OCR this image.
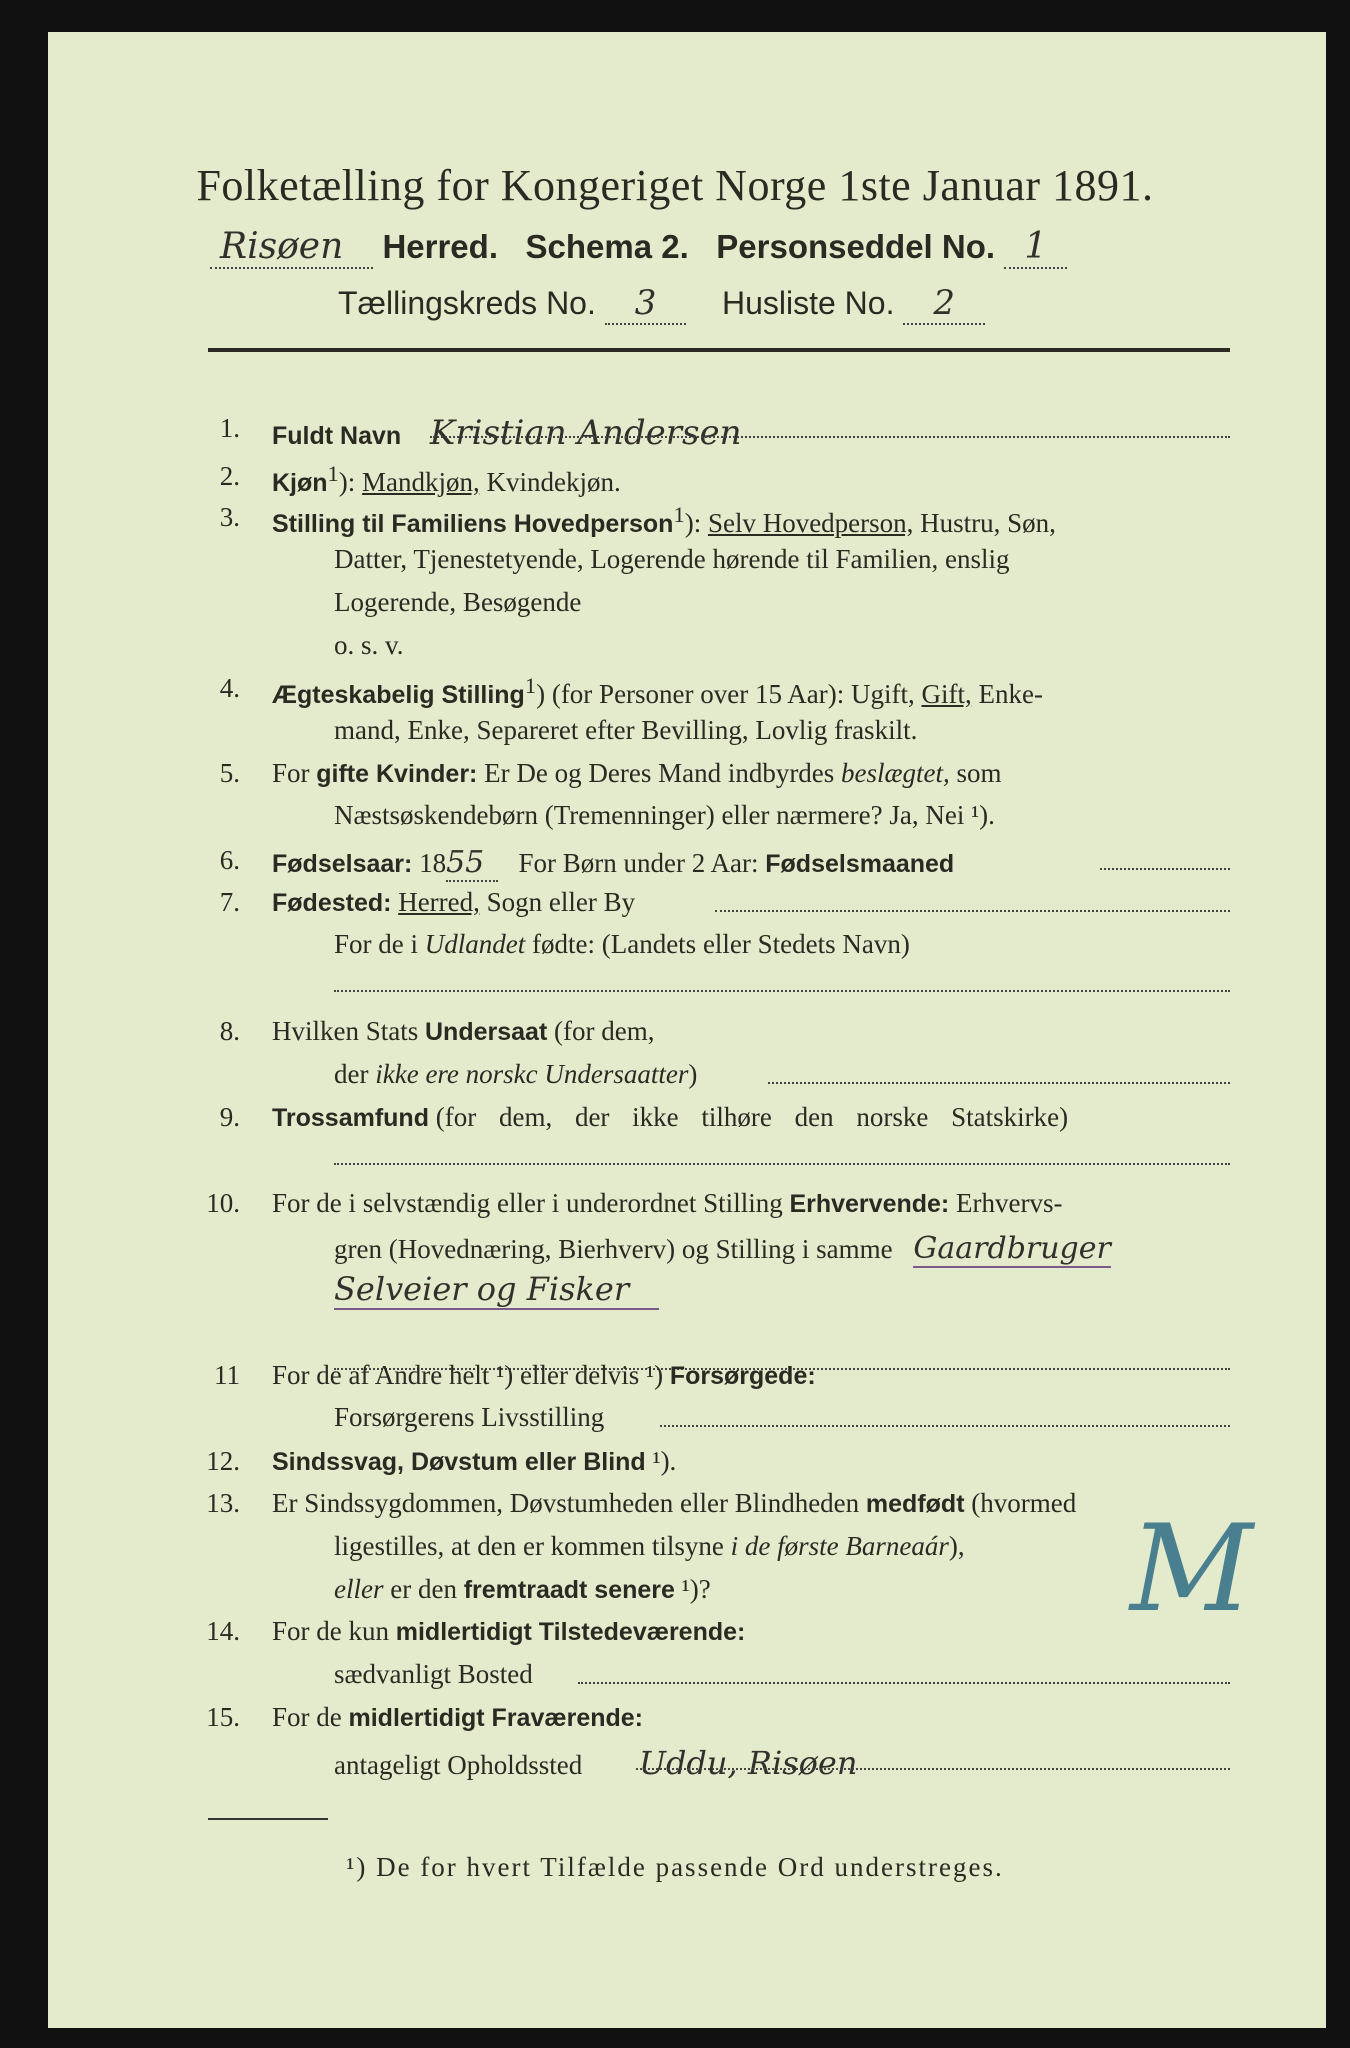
Folketælling for Kongeriget Norge 1ste Januar 1891.
Risøen Herred. Schema 2. Personseddel No. 1
Tællingskreds No. 3 Husliste No. 2
1. Fuldt Navn Kristian Andersen
2. Kjøn$^1$): Mandkjøn, Kvindekjøn.
3. Stilling til Familiens Hovedperson$^1$): Selv Hovedperson, Hustru, Søn,
Datter, Tjenestetyende, Logerende hørende til Familien, enslig
Logerende, Besøgende
o. s. v.
4. Ægteskabelig Stilling$^1$) (for Personer over 15 Aar): Ugift, Gift, Enke-
mand, Enke, Separeret efter Bevilling, Lovlig fraskilt.
5. For gifte Kvinder: Er De og Deres Mand indbyrdes beslægtet, som
Næstsøskendebørn (Tremenninger) eller nærmere? Ja, Nei ¹).
6. Fødselsaar: 1855 For Børn under 2 Aar: Fødselsmaaned
7. Fødested: Herred, Sogn eller By
For de i Udlandet fødte: (Landets eller Stedets Navn)
8. Hvilken Stats Undersaat (for dem,
der ikke ere norskc Undersaatter)
9. Trossamfund (for dem, der ikke tilhøre den norske Statskirke)
10. For de i selvstændig eller i underordnet Stilling Erhvervende: Erhvervs-
gren (Hovednæring, Bierhverv) og Stilling i samme Gaardbruger
Selveier og Fisker
11 For de af Andre helt ¹) eller delvis ¹) Forsørgede:
Forsørgerens Livsstilling
12. Sindssvag, Døvstum eller Blind ¹).
13. Er Sindssygdommen, Døvstumheden eller Blindheden medfødt (hvormed
ligestilles, at den er kommen tilsyne i de første Barneaár),
eller er den fremtraadt senere ¹)?
14. For de kun midlertidigt Tilstedeværende:
sædvanligt Bosted
15. For de midlertidigt Fraværende:
antageligt Opholdssted Uddu, Risøen
M
¹) De for hvert Tilfælde passende Ord understreges.
